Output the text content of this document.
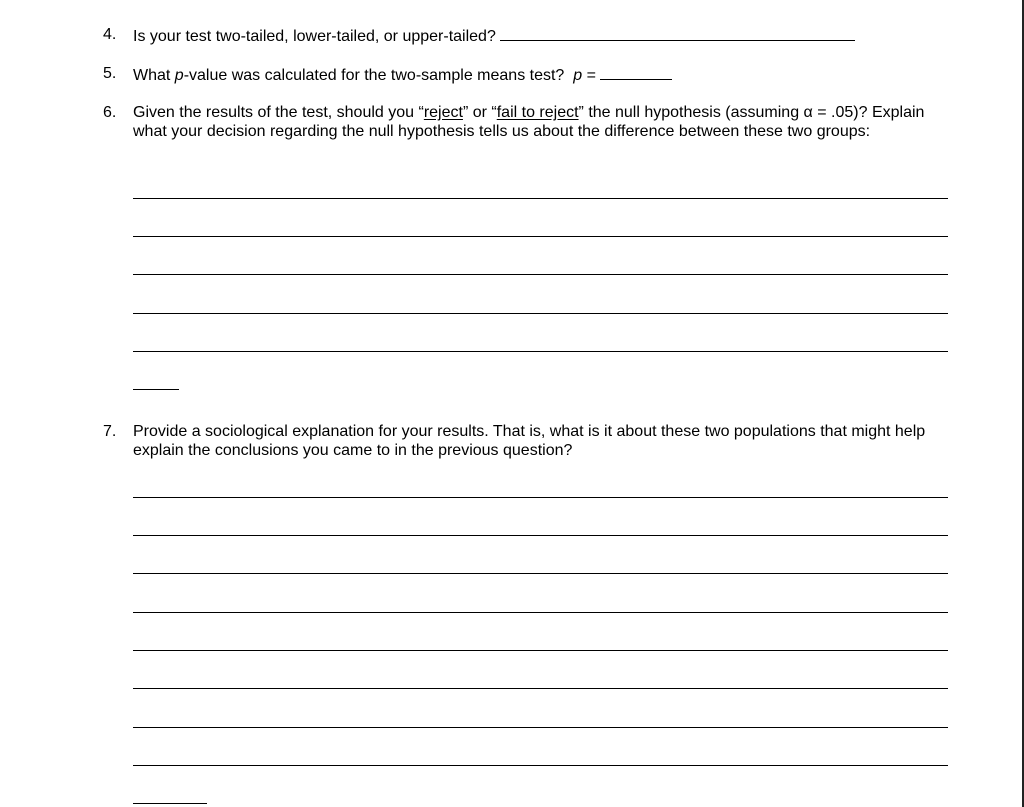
4. Is your test two-tailed, lower-tailed, or upper-tailed?
5. What p-value was calculated for the two-sample means test? p =
6. Given the results of the test, should you “reject” or “fail to reject” the null hypothesis (assuming α = .05)? Explain what your decision regarding the null hypothesis tells us about the difference between these two groups:
7. Provide a sociological explanation for your results. That is, what is it about these two populations that might help explain the conclusions you came to in the previous question?
